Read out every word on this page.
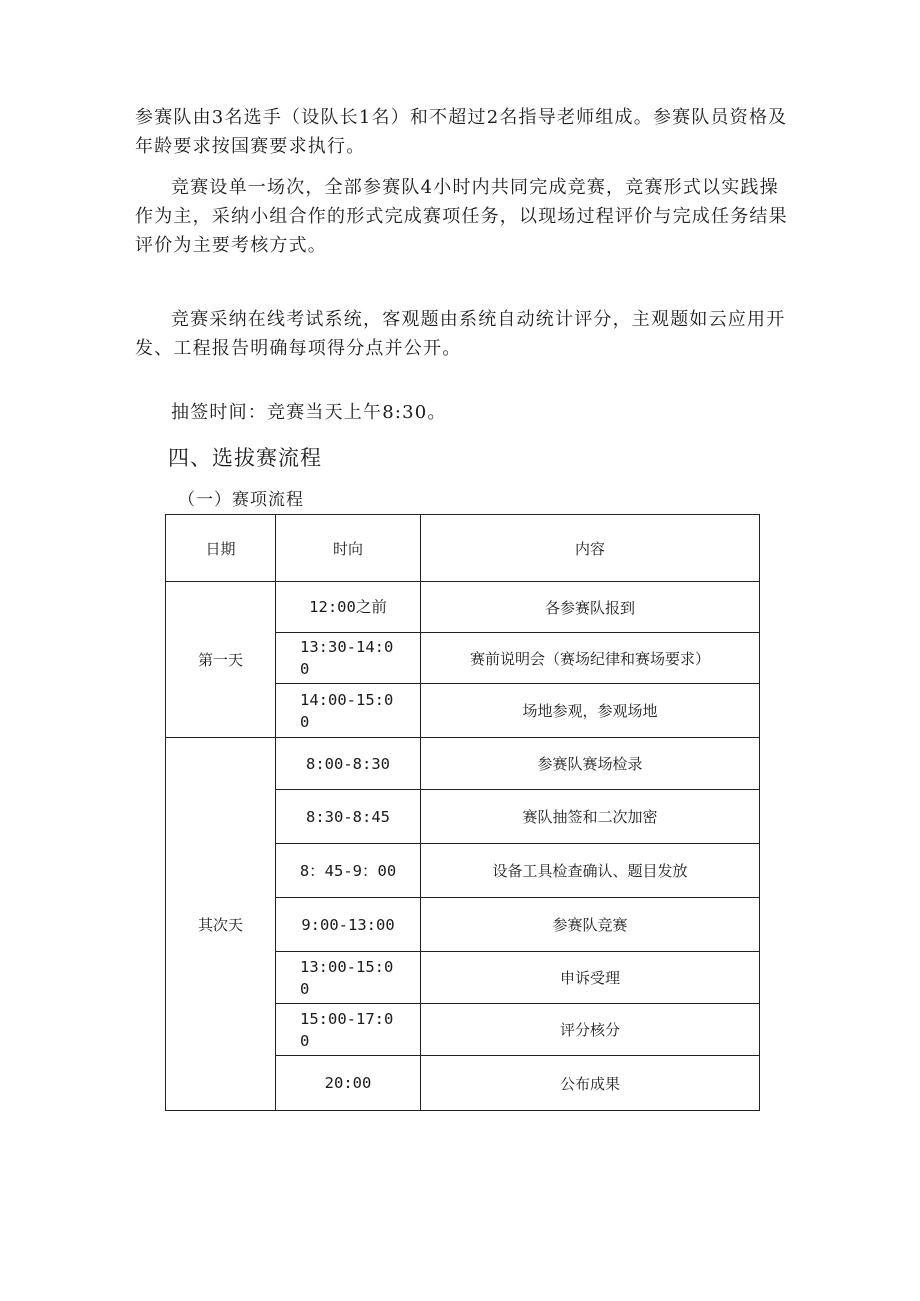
参赛队由3名选手（设队长1名）和不超过2名指导老师组成。参赛队员资格及年龄要求按国赛要求执行。

竞赛设单一场次，全部参赛队4小时内共同完成竞赛，竞赛形式以实践操作为主，采纳小组合作的形式完成赛项任务，以现场过程评价与完成任务结果评价为主要考核方式。

竞赛采纳在线考试系统，客观题由系统自动统计评分，主观题如云应用开发、工程报告明确每项得分点并公开。

抽签时间：竞赛当天上午8:30。

四、选拔赛流程
（一）赛项流程
日期	时向	内容
第一天	12:00之前	各参赛队报到

	13:30-14:00	赛前说明会（赛场纪律和赛场要求）

	14:00-15:00	场地参观，参观场地
其次天	8:00-8:30	参赛队赛场检录
	8:30-8:45	赛队抽签和二次加密
	8：45-9：00	设备工具检查确认、题目发放
	9:00-13:00	参赛队竞赛

	13:00-15:00	申诉受理

	15:00-17:00	评分核分
	20:00	公布成果
